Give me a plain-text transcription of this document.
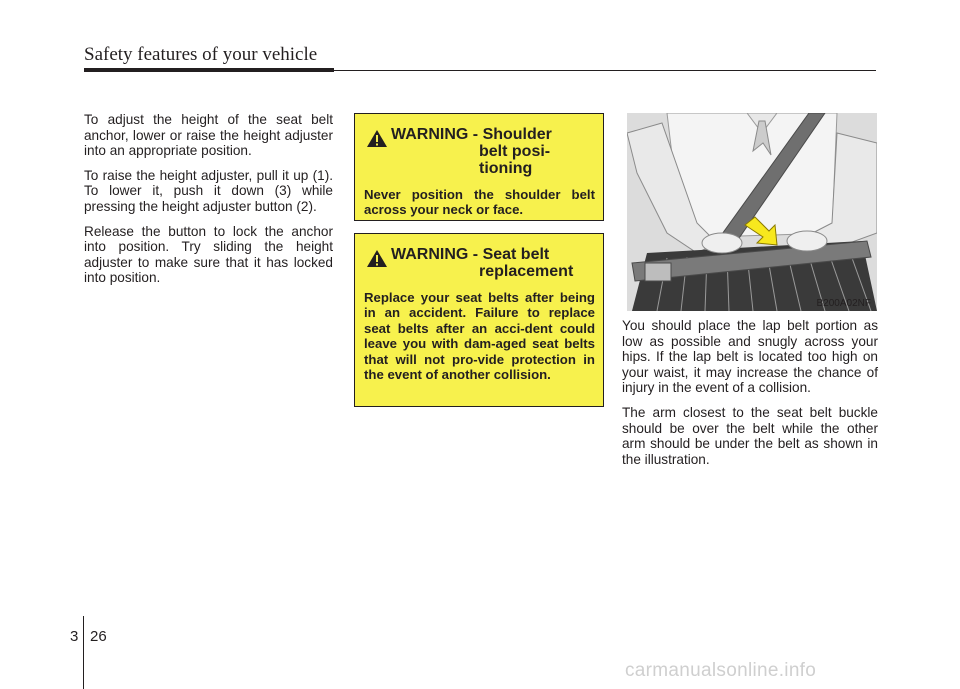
Safety features of your vehicle

To adjust the height of the seat belt anchor, lower or raise the height adjuster into an appropriate position.

To raise the height adjuster, pull it up (1). To lower it, push it down (3) while pressing the height adjuster button (2).

Release the button to lock the anchor into position. Try sliding the height adjuster to make sure that it has locked into position.

WARNING - Shoulder
belt posi-
tioning
Never position the shoulder belt across your neck or face.
WARNING - Seat belt
replacement
Replace your seat belts after being in an accident. Failure to replace seat belts after an acci-dent could leave you with dam-aged seat belts that will not pro-vide protection in the event of another collision.
B200A02NF

You should place the lap belt portion as low as possible and snugly across your hips. If the lap belt is located too high on your waist, it may increase the chance of injury in the event of a collision.

The arm closest to the seat belt buckle should be over the belt while the other arm should be under the belt as shown in the illustration.

3 26
carmanualsonline.info
